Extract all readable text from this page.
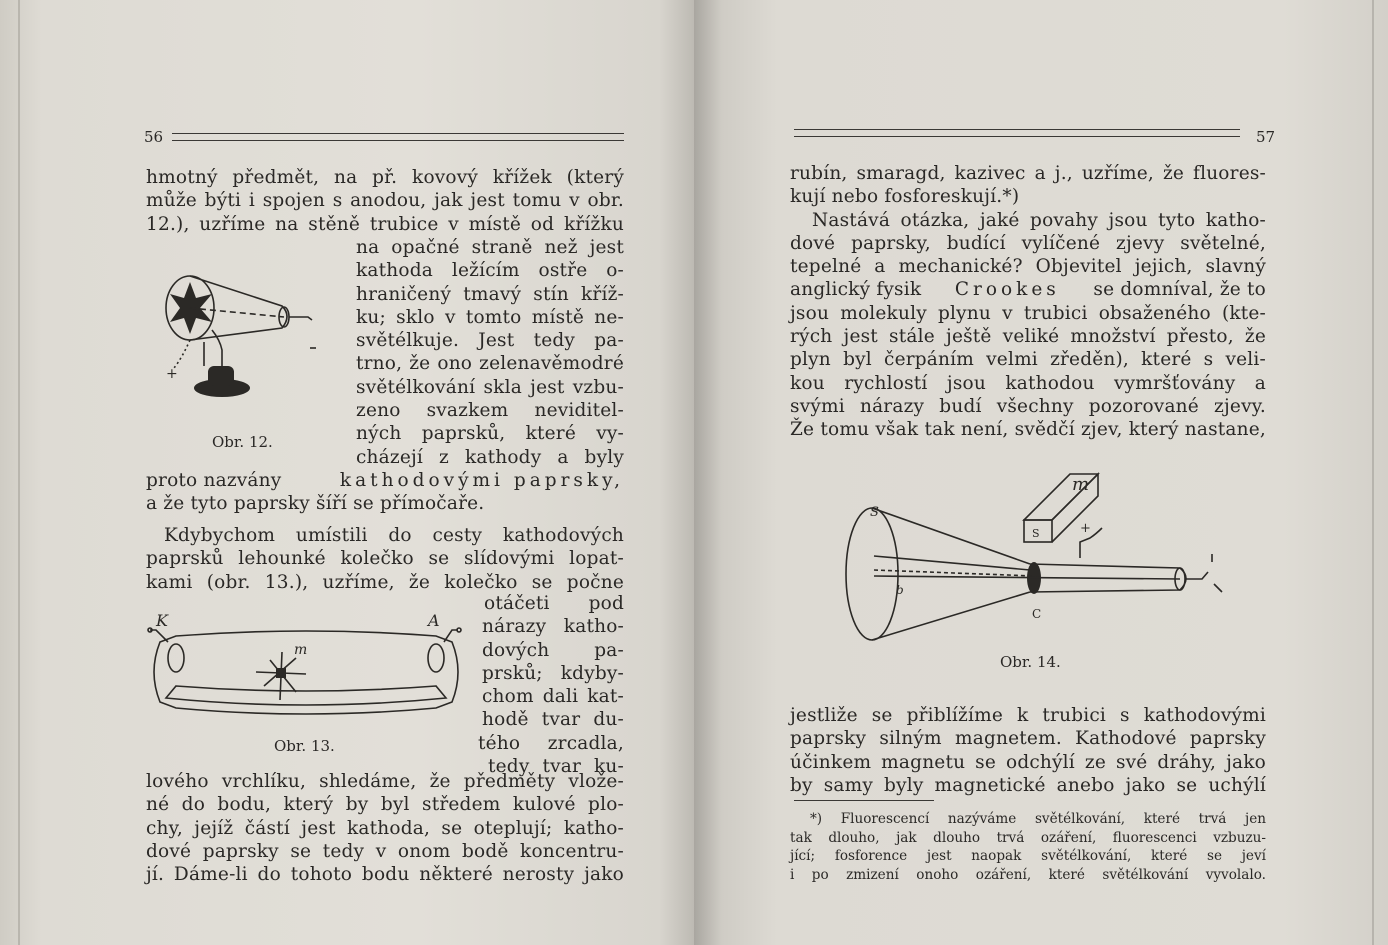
56
hmotný předmět, na př. kovový křížek (který
může býti i spojen s anodou, jak jest tomu v obr.
12.), uzříme na stěně trubice v místě od křížku
na opačné straně než jest
kathoda ležícím ostře o-
hraničený tmavý stín kříž-
ku; sklo v tomto místě ne-
světélkuje. Jest tedy pa-
trno, že ono zelenavěmodré
světélkování skla jest vzbu-
zeno svazkem neviditel-
ných paprsků, které vy-
cházejí z kathody a byly
+
Obr. 12.
proto nazvány	kathodovými paprsky,
a že tyto paprsky šíří se přímočaře.
Kdybychom umístili do cesty kathodových
paprsků lehounké kolečko se slídovými lopat-
kami (obr. 13.), uzříme, že kolečko se počne
otáčeti pod
nárazy katho-
dových pa-
prsků; kdyby-
chom dali kat-
hodě tvar du-
tého zrcadla,
tedy tvar ku-
K	A
m
Obr. 13.
lového vrchlíku, shledáme, že předměty vlože-
né do bodu, který by byl středem kulové plo-
chy, jejíž částí jest kathoda, se oteplují; katho-
dové paprsky se tedy v onom bodě koncentru-
jí. Dáme-li do tohoto bodu některé nerosty jako
57
rubín, smaragd, kazivec a j., uzříme, že fluores-
kují nebo fosforeskují.*)
Nastává otázka, jaké povahy jsou tyto katho-
dové paprsky, budící vylíčené zjevy světelné,
tepelné a mechanické? Objevitel jejich, slavný
anglický fysik Crookes se domníval, že to
jsou molekuly plynu v trubici obsaženého (kte-
rých jest stále ještě veliké množství přesto, že
plyn byl čerpáním velmi zředěn), které s veli-
kou rychlostí jsou kathodou vymršťovány a
svými nárazy budí všechny pozorované zjevy.
Že tomu však tak není, svědčí zjev, který nastane,
+
S
m
S
C
b
Obr. 14.
jestliže se přiblížíme k trubici s kathodovými
paprsky silným magnetem. Kathodové paprsky
účinkem magnetu se odchýlí ze své dráhy, jako
by samy byly magnetické anebo jako se uchýlí
*) Fluorescencí nazýváme světélkování, které trvá jen
tak dlouho, jak dlouho trvá ozáření, fluorescenci vzbuzu-
jící; fosforence jest naopak světélkování, které se jeví
i po zmizení onoho ozáření, které světélkování vyvolalo.
